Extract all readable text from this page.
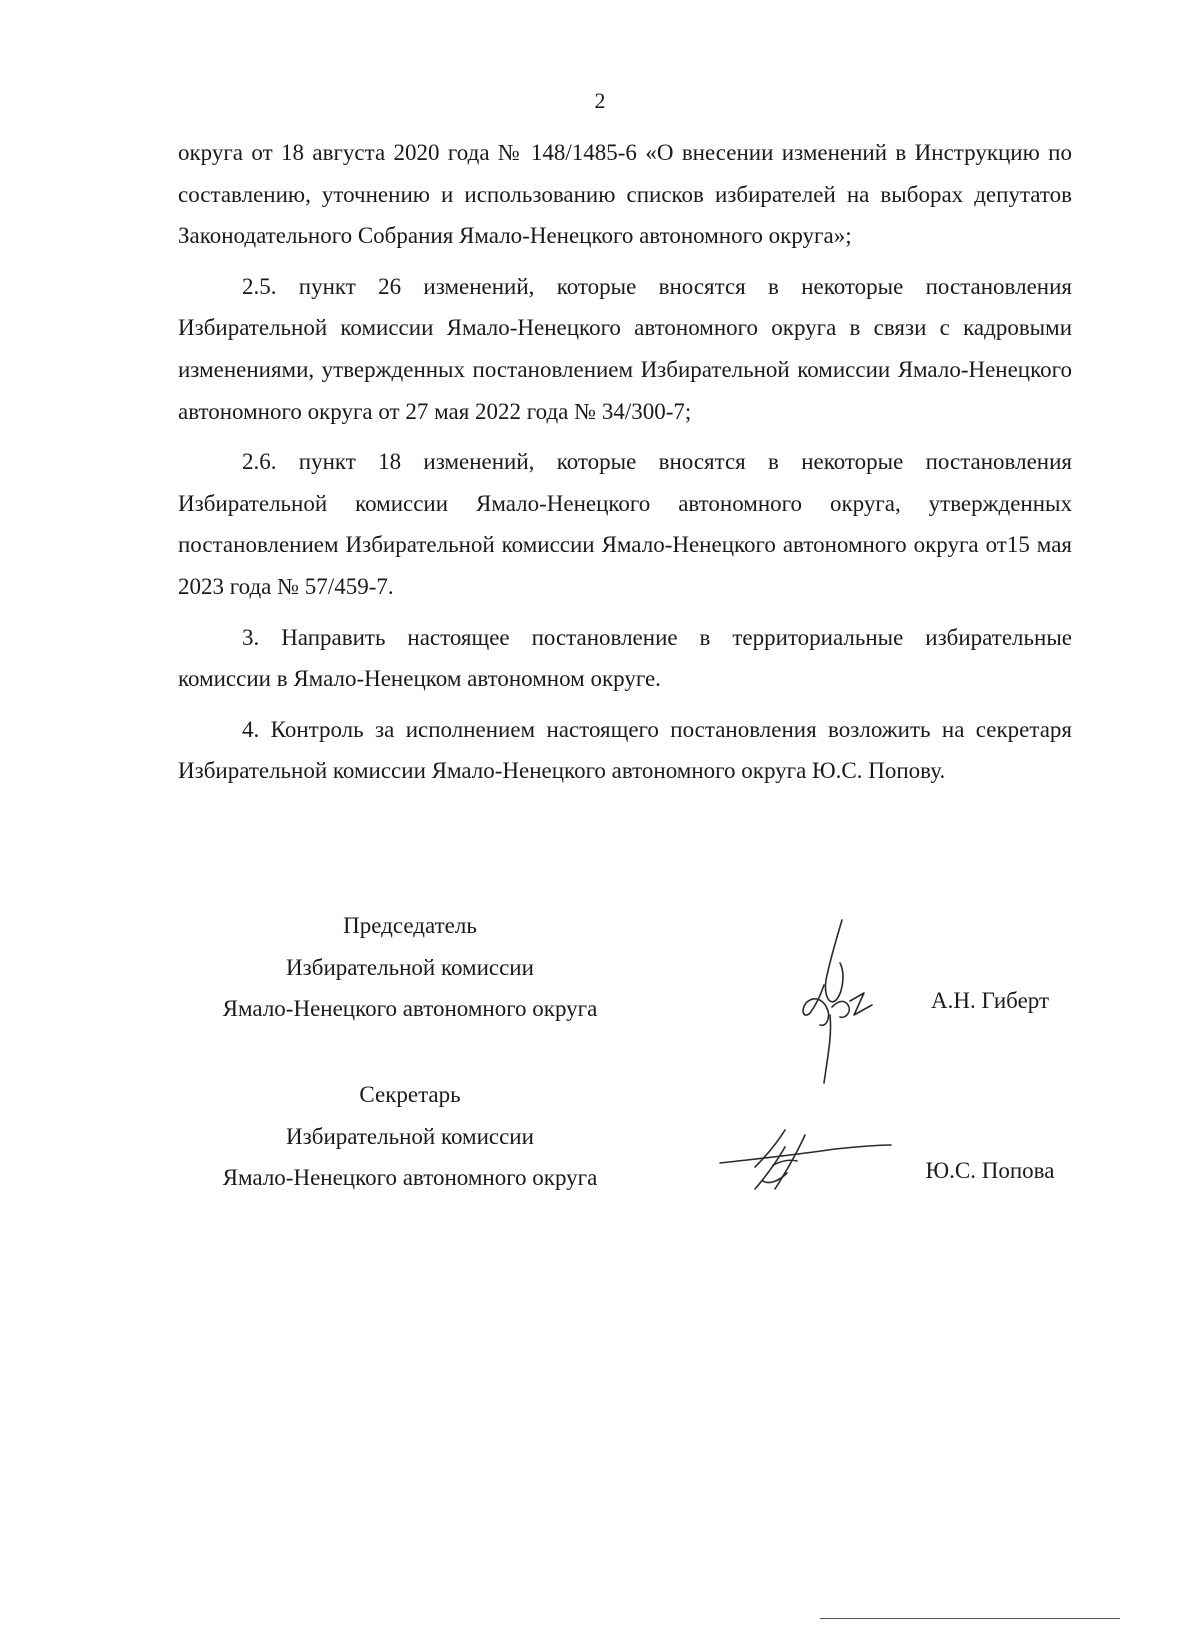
2

округа от 18 августа 2020 года № 148/1485-6 «О внесении изменений в Инструкцию по составлению, уточнению и использованию списков избирателей на выборах депутатов Законодательного Собрания Ямало-Ненецкого автономного округа»;

2.5. пункт 26 изменений, которые вносятся в некоторые постановления Избирательной комиссии Ямало-Ненецкого автономного округа в связи с кадровыми изменениями, утвержденных постановлением Избирательной комиссии Ямало-Ненецкого автономного округа от 27 мая 2022 года № 34/300-7;

2.6. пункт 18 изменений, которые вносятся в некоторые постановления Избирательной комиссии Ямало-Ненецкого автономного округа, утвержденных постановлением Избирательной комиссии Ямало-Ненецкого автономного округа от15 мая 2023 года № 57/459-7.

3. Направить настоящее постановление в территориальные избирательные комиссии в Ямало-Ненецком автономном округе.

4. Контроль за исполнением настоящего постановления возложить на секретаря Избирательной комиссии Ямало-Ненецкого автономного округа Ю.С. Попову.

Председатель
Избирательной комиссии
Ямало-Ненецкого автономного округа	А.Н. Гиберт
Секретарь
Избирательной комиссии
Ямало-Ненецкого автономного округа	Ю.С. Попова
